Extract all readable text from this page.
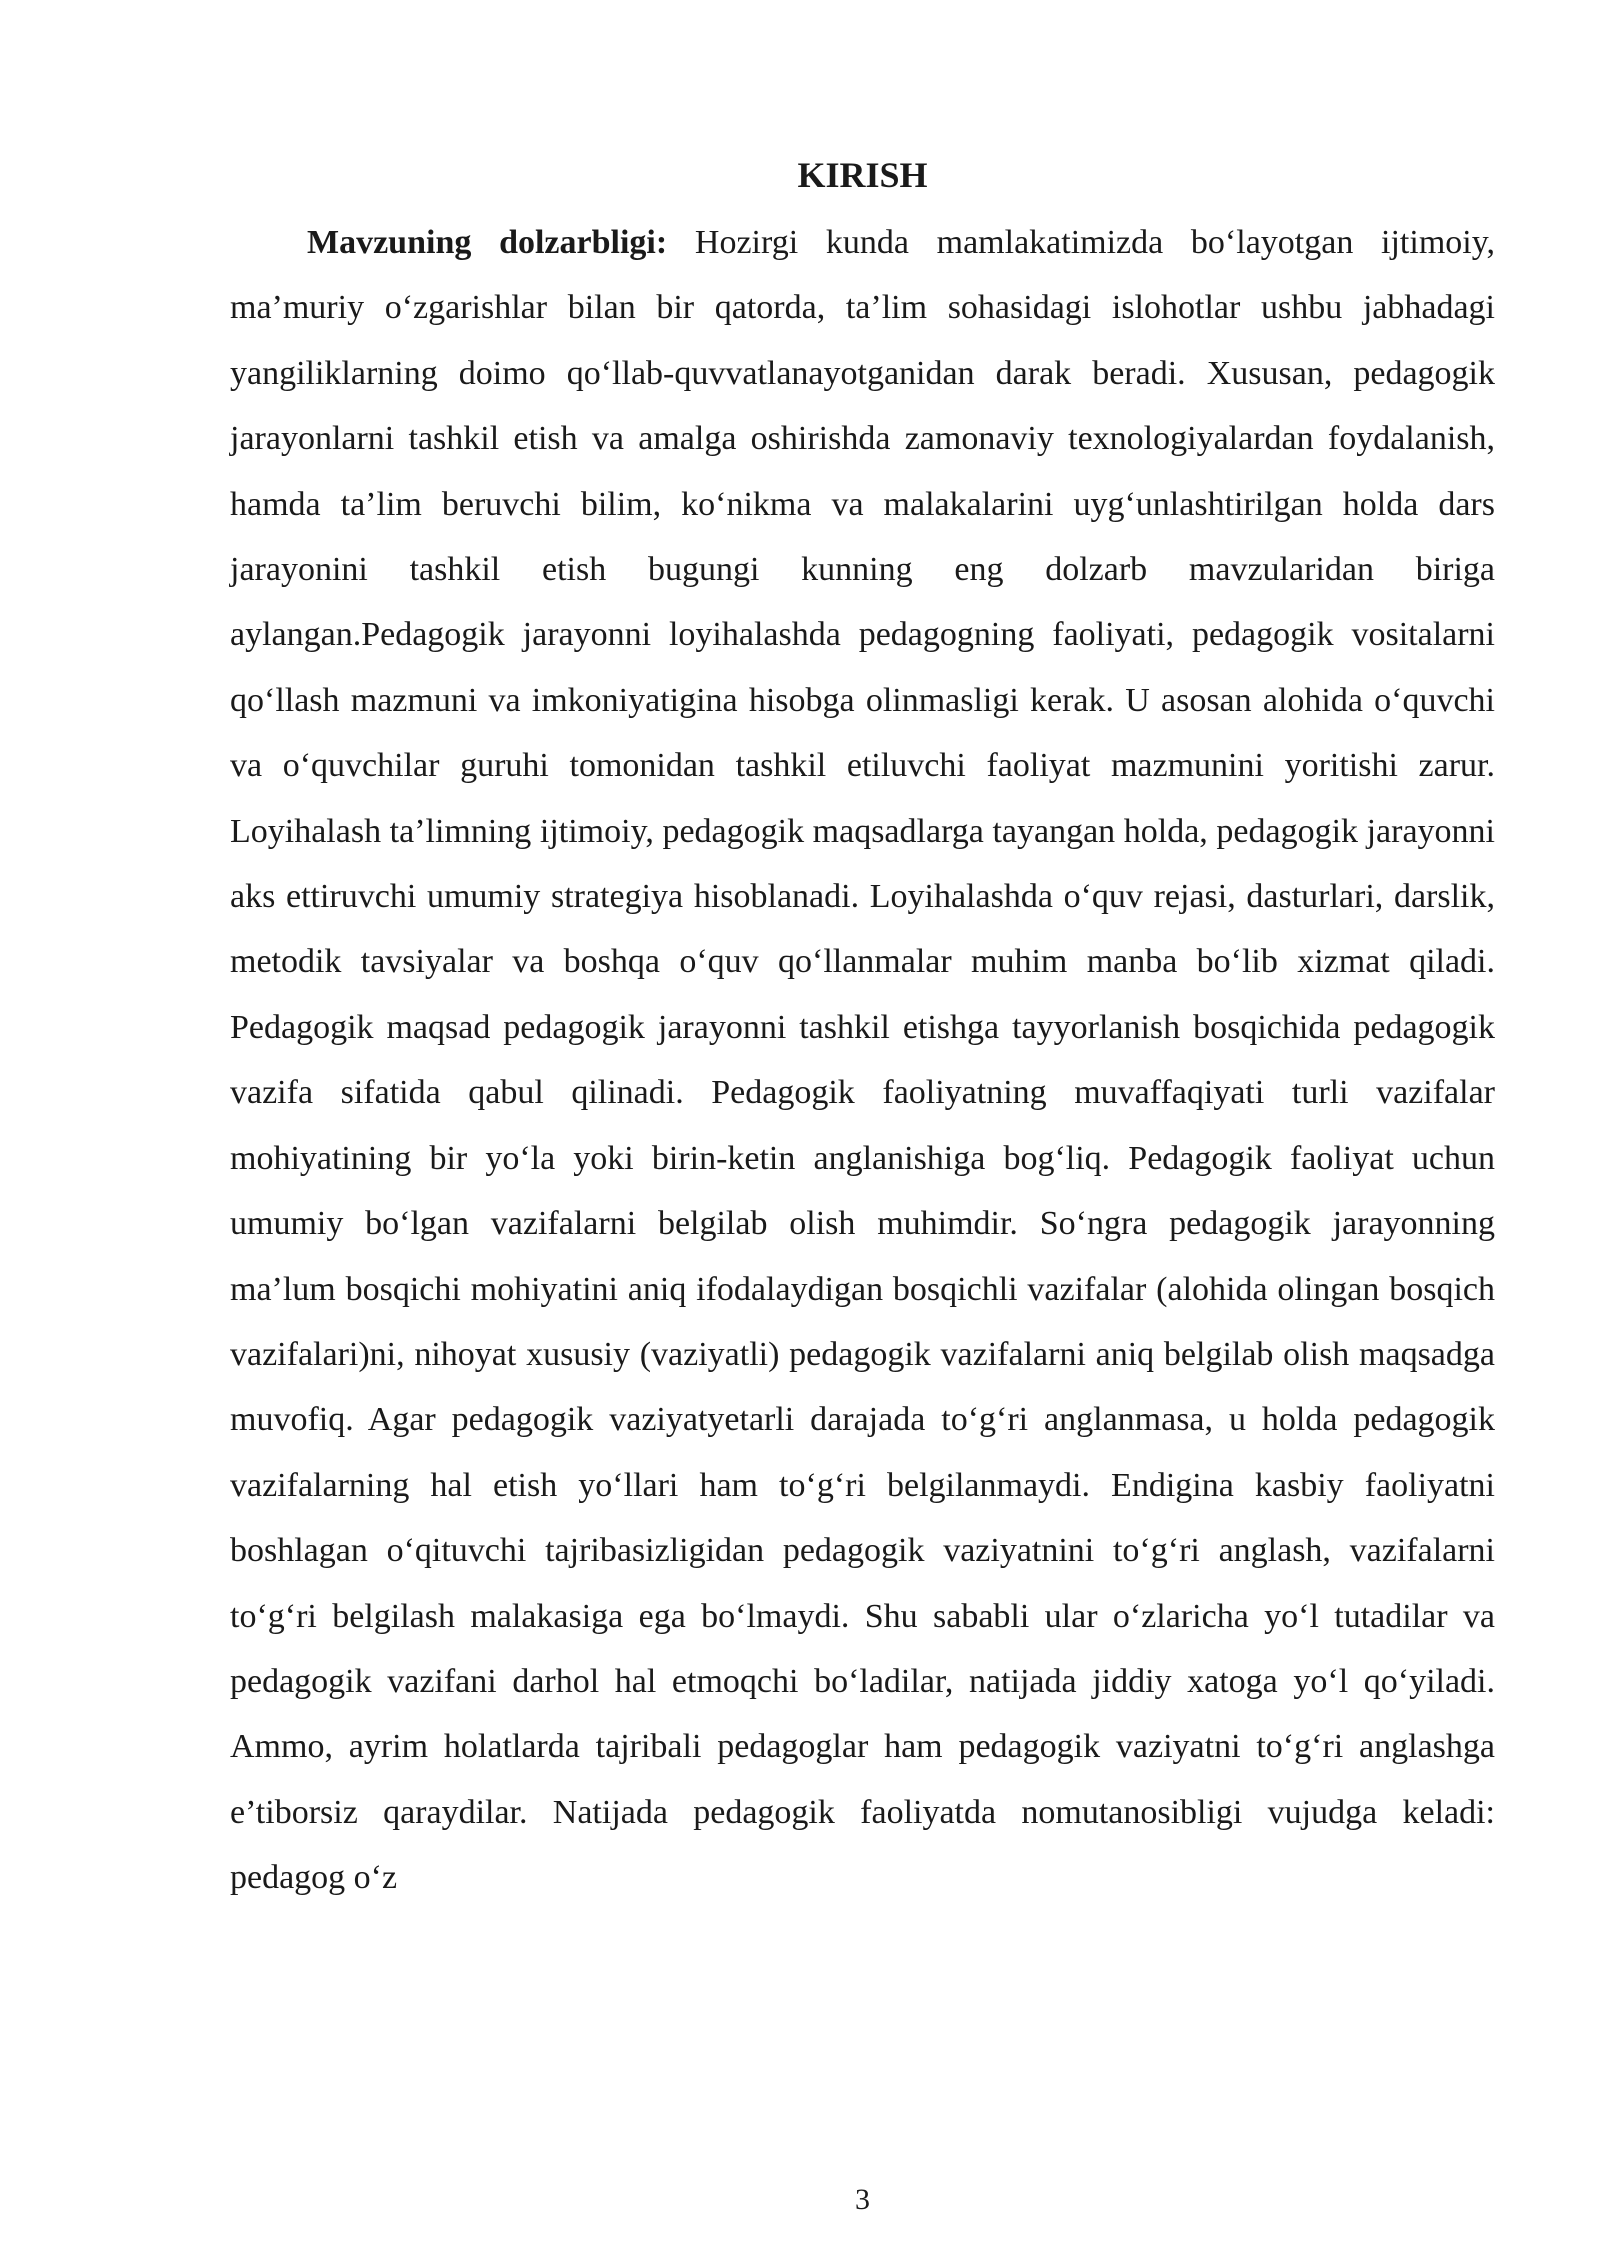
KIRISH

Mavzuning dolzarbligi: Hozirgi kunda mamlakatimizda bo‘layotgan ijtimoiy, ma’muriy o‘zgarishlar bilan bir qatorda, ta’lim sohasidagi islohotlar ushbu jabhadagi yangiliklarning doimo qo‘llab-quvvatlanayotganidan darak beradi. Xususan, pedagogik jarayonlarni tashkil etish va amalga oshirishda zamonaviy texnologiyalardan foydalanish, hamda ta’lim beruvchi bilim, ko‘nikma va malakalarini uyg‘unlashtirilgan holda dars jarayonini tashkil etish bugungi kunning eng dolzarb mavzularidan biriga aylangan.Pedagogik jarayonni loyihalashda pedagogning faoliyati, pedagogik vositalarni qo‘llash mazmuni va imkoniyatigina hisobga olinmasligi kerak. U asosan alohida o‘quvchi va o‘quvchilar guruhi tomonidan tashkil etiluvchi faoliyat mazmunini yoritishi zarur. Loyihalash ta’limning ijtimoiy, pedagogik maqsadlarga tayangan holda, pedagogik jarayonni aks ettiruvchi umumiy strategiya hisoblanadi. Loyihalashda o‘quv rejasi, dasturlari, darslik, metodik tavsiyalar va boshqa o‘quv qo‘llanmalar muhim manba bo‘lib xizmat qiladi. Pedagogik maqsad pedagogik jarayonni tashkil etishga tayyorlanish bosqichida pedagogik vazifa sifatida qabul qilinadi. Pedagogik faoliyatning muvaffaqiyati turli vazifalar mohiyatining bir yo‘la yoki birin-ketin anglanishiga bog‘liq. Pedagogik faoliyat uchun umumiy bo‘lgan vazifalarni belgilab olish muhimdir. So‘ngra pedagogik jarayonning ma’lum bosqichi mohiyatini aniq ifodalaydigan bosqichli vazifalar (alohida olingan bosqich vazifalari)ni, nihoyat xususiy (vaziyatli) pedagogik vazifalarni aniq belgilab olish maqsadga muvofiq. Agar pedagogik vaziyatyetarli darajada to‘g‘ri anglanmasa, u holda pedagogik vazifalarning hal etish yo‘llari ham to‘g‘ri belgilanmaydi. Endigina kasbiy faoliyatni boshlagan o‘qituvchi tajribasizligidan pedagogik vaziyatnini to‘g‘ri anglash, vazifalarni to‘g‘ri belgilash malakasiga ega bo‘lmaydi. Shu sababli ular o‘zlaricha yo‘l tutadilar va pedagogik vazifani darhol hal etmoqchi bo‘ladilar, natijada jiddiy xatoga yo‘l qo‘yiladi. Ammo, ayrim holatlarda tajribali pedagoglar ham pedagogik vaziyatni to‘g‘ri anglashga e’tiborsiz qaraydilar. Natijada pedagogik faoliyatda nomutanosibligi vujudga keladi: pedagog o‘z

3
